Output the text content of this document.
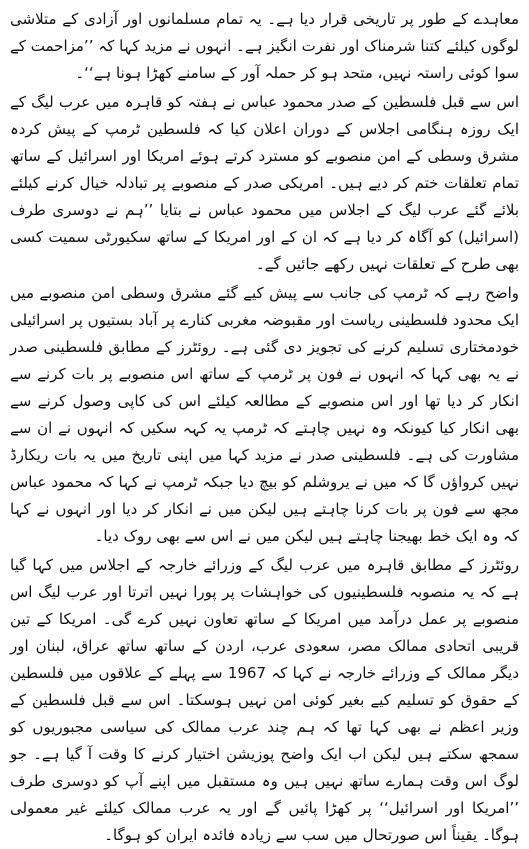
معاہدے کے طور پر تاریخی قرار دیا ہے۔ یہ تمام مسلمانوں اور آزادی کے متلاشی لوگوں کیلئے کتنا شرمناک اور نفرت انگیز ہے۔ انہوں نے مزید کہا کہ ’’مزاحمت کے سوا کوئی راستہ نہیں، متحد ہو کر حملہ آور کے سامنے کھڑا ہونا ہے‘‘۔

اس سے قبل فلسطین کے صدر محمود عباس نے ہفتہ کو قاہرہ میں عرب لیگ کے ایک روزہ ہنگامی اجلاس کے دوران اعلان کیا کہ فلسطین ٹرمپ کے پیش کردہ مشرق وسطی کے امن منصوبے کو مسترد کرتے ہوئے امریکا اور اسرائیل کے ساتھ تمام تعلقات ختم کر دیے ہیں۔ امریکی صدر کے منصوبے پر تبادلہ خیال کرنے کیلئے بلائے گئے عرب لیگ کے اجلاس میں محمود عباس نے بتایا ’’ہم نے دوسری طرف (اسرائیل) کو آگاہ کر دیا ہے کہ ان کے اور امریکا کے ساتھ سکیورٹی سمیت کسی بھی طرح کے تعلقات نہیں رکھے جائیں گے۔

واضح رہے کہ ٹرمپ کی جانب سے پیش کیے گئے مشرق وسطی امن منصوبے میں ایک محدود فلسطینی ریاست اور مقبوضہ مغربی کنارے پر آباد بستیوں پر اسرائیلی خودمختاری تسلیم کرنے کی تجویز دی گئی ہے۔ روئٹرز کے مطابق فلسطینی صدر نے یہ بھی کہا کہ انہوں نے فون پر ٹرمپ کے ساتھ اس منصوبے پر بات کرنے سے انکار کر دیا تھا اور اس منصوبے کے مطالعہ کیلئے اس کی کاپی وصول کرنے سے بھی انکار کیا کیونکہ وہ نہیں چاہتے کہ ٹرمپ یہ کہہ سکیں کہ انہوں نے ان سے مشاورت کی ہے۔ فلسطینی صدر نے مزید کہا میں اپنی تاریخ میں یہ بات ریکارڈ نہیں کرواؤں گا کہ میں نے یروشلم کو بیچ دیا جبکہ ٹرمپ نے کہا کہ محمود عباس مجھ سے فون پر بات کرنا چاہتے ہیں لیکن میں نے انکار کر دیا اور انہوں نے کہا کہ وہ ایک خط بھیجنا چاہتے ہیں لیکن میں نے اس سے بھی روک دیا۔

روئٹرز کے مطابق قاہرہ میں عرب لیگ کے وزرائے خارجہ کے اجلاس میں کہا گیا ہے کہ یہ منصوبہ فلسطینیوں کی خواہشات پر پورا نہیں اترتا اور عرب لیگ اس منصوبے پر عمل درآمد میں امریکا کے ساتھ تعاون نہیں کرے گی۔ امریکا کے تین قریبی اتحادی ممالک مصر، سعودی عرب، اردن کے ساتھ ساتھ عراق، لبنان اور دیگر ممالک کے وزرائے خارجہ نے کہا کہ 1967 سے پہلے کے علاقوں میں فلسطین کے حقوق کو تسلیم کیے بغیر کوئی امن نہیں ہوسکتا۔ اس سے قبل فلسطین کے وزیر اعظم نے بھی کہا تھا کہ ہم چند عرب ممالک کی سیاسی مجبوریوں کو سمجھ سکتے ہیں لیکن اب ایک واضح پوزیشن اختیار کرنے کا وقت آ گیا ہے۔ جو لوگ اس وقت ہمارے ساتھ نہیں ہیں وہ مستقبل میں اپنے آپ کو دوسری طرف ’’امریکا اور اسرائیل‘‘ پر کھڑا پائیں گے اور یہ عرب ممالک کیلئے غیر معمولی ہوگا۔ یقیناً اس صورتحال میں سب سے زیادہ فائدہ ایران کو ہوگا۔
